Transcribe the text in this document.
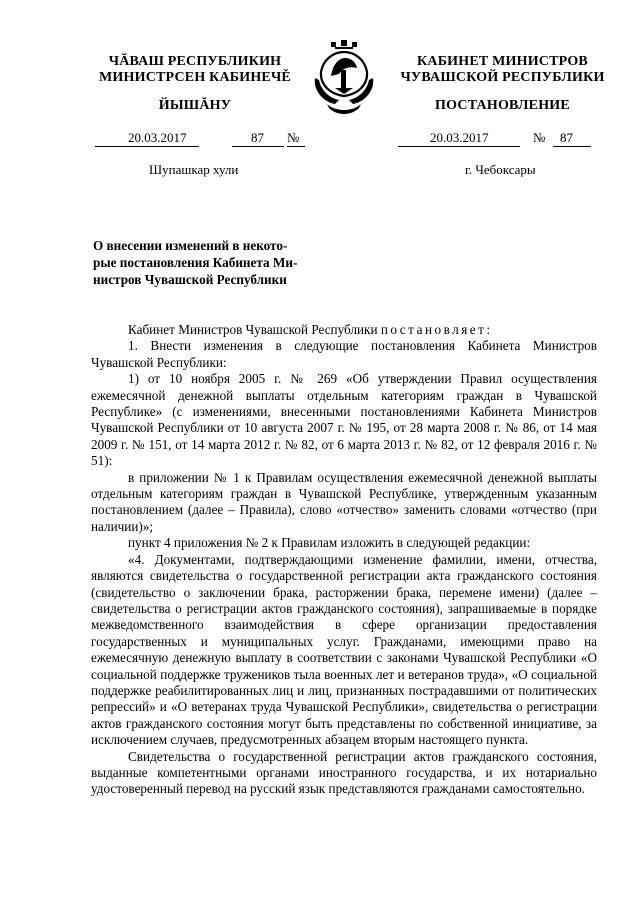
ЧĂВАШ РЕСПУБЛИКИН
МИНИСТРСЕН КАБИНЕЧĚ
ЙЫШĂНУ
КАБИНЕТ МИНИСТРОВ
ЧУВАШСКОЙ РЕСПУБЛИКИ
ПОСТАНОВЛЕНИЕ
20.03.2017	87 №	20.03.2017	№ 87
Шупашкар хули	г. Чебоксары
О внесении изменений в некото-
рые постановления Кабинета Ми-
нистров Чувашской Республики

Кабинет Министров Чувашской Республики постановляет:

1. Внести изменения в следующие постановления Кабинета Министров Чувашской Республики:

1) от 10 ноября 2005 г. № 269 «Об утверждении Правил осуществления ежемесячной денежной выплаты отдельным категориям граждан в Чувашской Республике» (с изменениями, внесенными постановлениями Кабинета Министров Чувашской Республики от 10 августа 2007 г. № 195, от 28 марта 2008 г. № 86, от 14 мая 2009 г. № 151, от 14 марта 2012 г. № 82, от 6 марта 2013 г. № 82, от 12 февраля 2016 г. № 51):

в приложении № 1 к Правилам осуществления ежемесячной денежной выплаты отдельным категориям граждан в Чувашской Республике, утвержденным указанным постановлением (далее – Правила), слово «отчество» заменить словами «отчество (при наличии)»;

пункт 4 приложения № 2 к Правилам изложить в следующей редакции:

«4. Документами, подтверждающими изменение фамилии, имени, отчества, являются свидетельства о государственной регистрации акта гражданского состояния (свидетельство о заключении брака, расторжении брака, перемене имени) (далее – свидетельства о регистрации актов гражданского состояния), запрашиваемые в порядке межведомственного взаимодействия в сфере организации предоставления государственных и муниципальных услуг. Гражданами, имеющими право на ежемесячную денежную выплату в соответствии с законами Чувашской Республики «О социальной поддержке тружеников тыла военных лет и ветеранов труда», «О социальной поддержке реабилитированных лиц и лиц, признанных пострадавшими от политических репрессий» и «О ветеранах труда Чувашской Республики», свидетельства о регистрации актов гражданского состояния могут быть представлены по собственной инициативе, за исключением случаев, предусмотренных абзацем вторым настоящего пункта.

Свидетельства о государственной регистрации актов гражданского состояния, выданные компетентными органами иностранного государства, и их нотариально удостоверенный перевод на русский язык представляются гражданами самостоятельно.
